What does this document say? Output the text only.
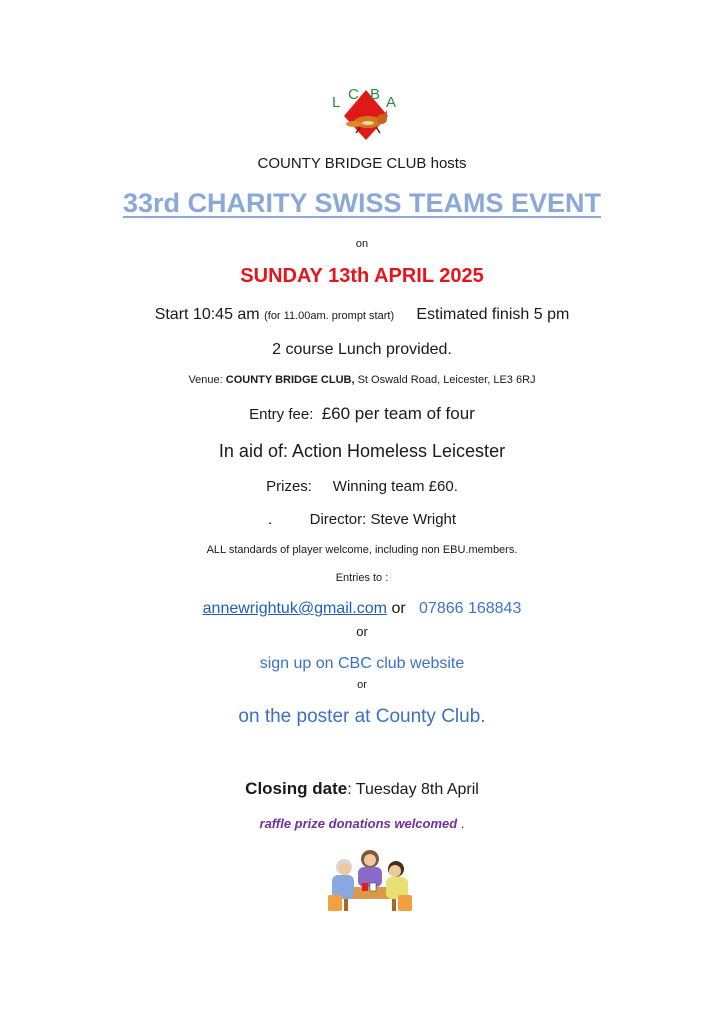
L C B A
COUNTY BRIDGE CLUB hosts
33rd CHARITY SWISS TEAMS EVENT
on
SUNDAY 13th APRIL 2025
Start 10:45 am (for 11.00am. prompt start) Estimated finish 5 pm
2 course Lunch provided.
Venue: COUNTY BRIDGE CLUB, St Oswald Road, Leicester, LE3 6RJ
Entry fee: £60 per team of four
In aid of: Action Homeless Leicester
Prizes: Winning team £60.
.	Director: Steve Wright
ALL standards of player welcome, including non EBU.members.
Entries to :
annewrightuk@gmail.com or 07866 168843
or
sign up on CBC club website
or
on the poster at County Club.
Closing date: Tuesday 8th April
raffle prize donations welcomed .
